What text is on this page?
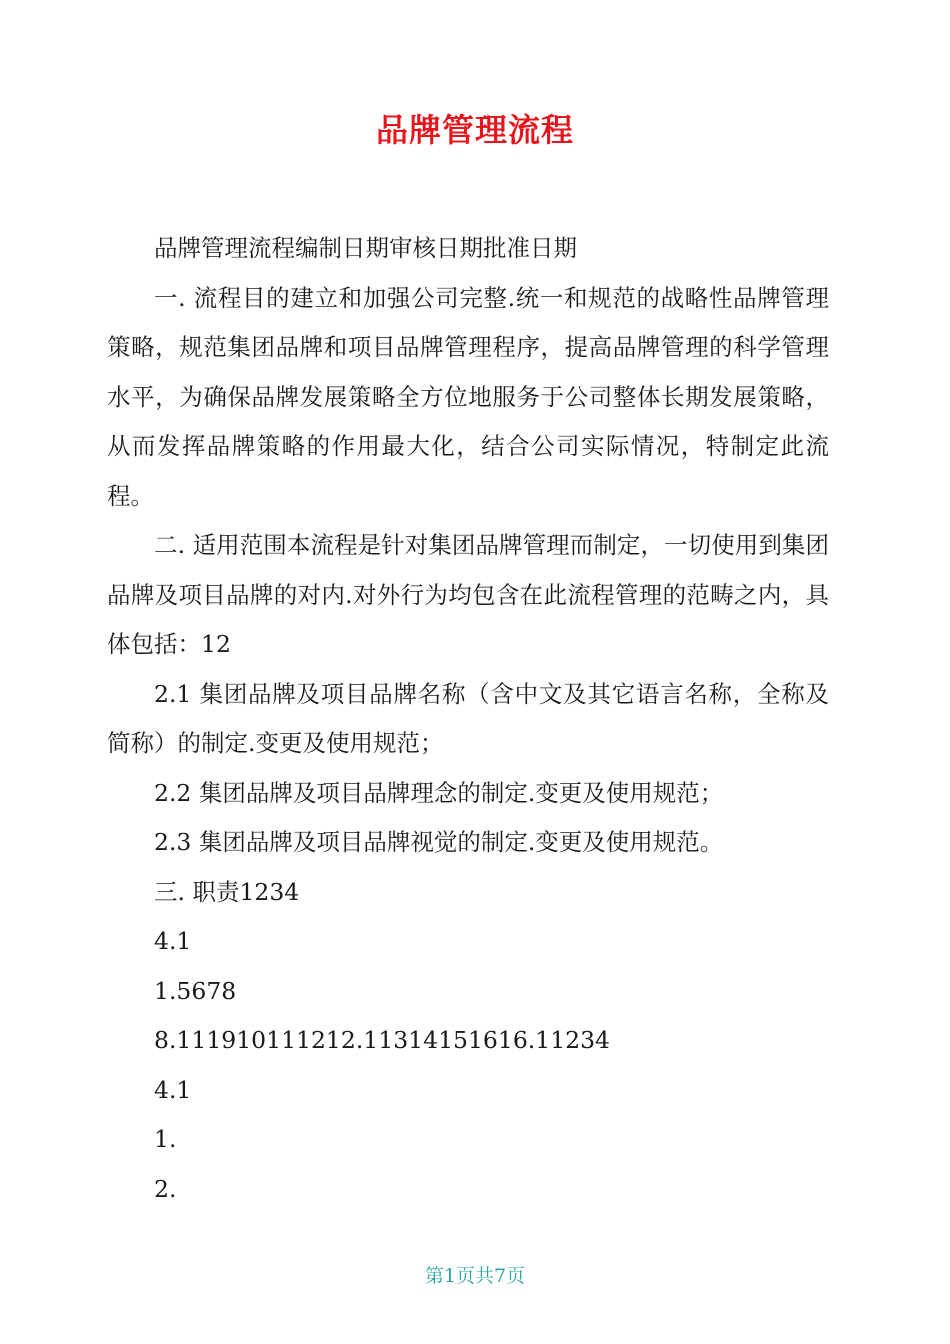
品牌管理流程

品牌管理流程编制日期审核日期批准日期

一. 流程目的建立和加强公司完整.统一和规范的战略性品牌管理策略，规范集团品牌和项目品牌管理程序，提高品牌管理的科学管理水平，为确保品牌发展策略全方位地服务于公司整体长期发展策略，从而发挥品牌策略的作用最大化，结合公司实际情况，特制定此流程。

二. 适用范围本流程是针对集团品牌管理而制定，一切使用到集团品牌及项目品牌的对内.对外行为均包含在此流程管理的范畴之内，具体包括：12

2.1 集团品牌及项目品牌名称（含中文及其它语言名称，全称及简称）的制定.变更及使用规范；

2.2 集团品牌及项目品牌理念的制定.变更及使用规范；

2.3 集团品牌及项目品牌视觉的制定.变更及使用规范。

三. 职责1234

4.1

1.5678

8.111910111212.11314151616.11234

4.1

1.

2.

第1页共7页
